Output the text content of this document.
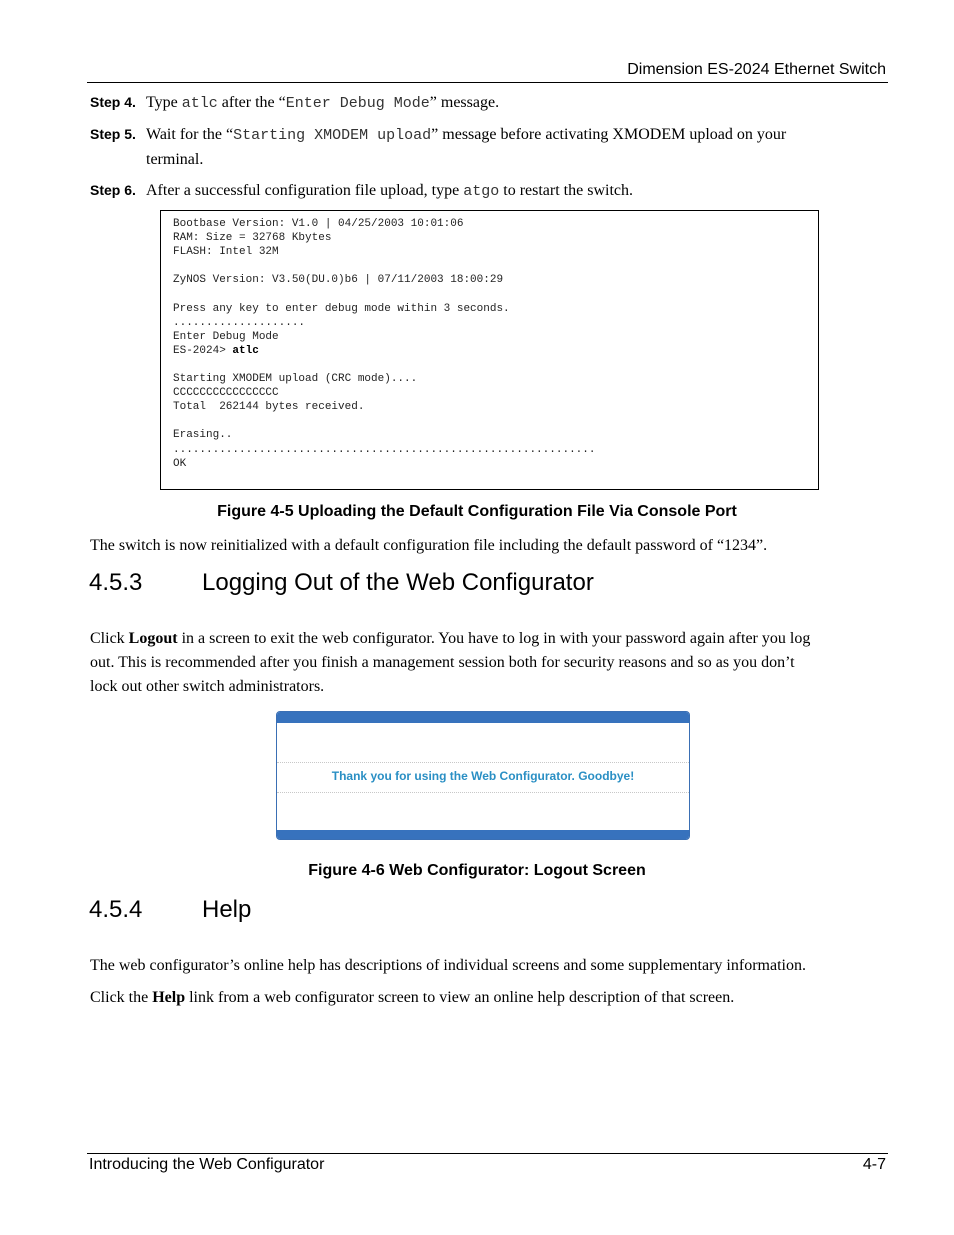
Dimension ES-2024 Ethernet Switch
Step 4. Type atlc after the “Enter Debug Mode” message.
Step 5. Wait for the “Starting XMODEM upload” message before activating XMODEM upload on your
terminal.
Step 6. After a successful configuration file upload, type atgo to restart the switch.
Bootbase Version: V1.0 | 04/25/2003 10:01:06
RAM: Size = 32768 Kbytes
FLASH: Intel 32M
ZyNOS Version: V3.50(DU.0)b6 | 07/11/2003 18:00:29
Press any key to enter debug mode within 3 seconds.
....................
Enter Debug Mode
ES-2024> atlc
Starting XMODEM upload (CRC mode)....
CCCCCCCCCCCCCCCC
Total  262144 bytes received.
Erasing..
................................................................
OK
Figure 4-5 Uploading the Default Configuration File Via Console Port
The switch is now reinitialized with a default configuration file including the default password of “1234”.
4.5.3 Logging Out of the Web Configurator
Click Logout in a screen to exit the web configurator. You have to log in with your password again after you log
out. This is recommended after you finish a management session both for security reasons and so as you don’t
lock out other switch administrators.
Thank you for using the Web Configurator. Goodbye!
Figure 4-6 Web Configurator: Logout Screen
4.5.4 Help
The web configurator’s online help has descriptions of individual screens and some supplementary information.
Click the Help link from a web configurator screen to view an online help description of that screen.
Introducing the Web Configurator	4-7
